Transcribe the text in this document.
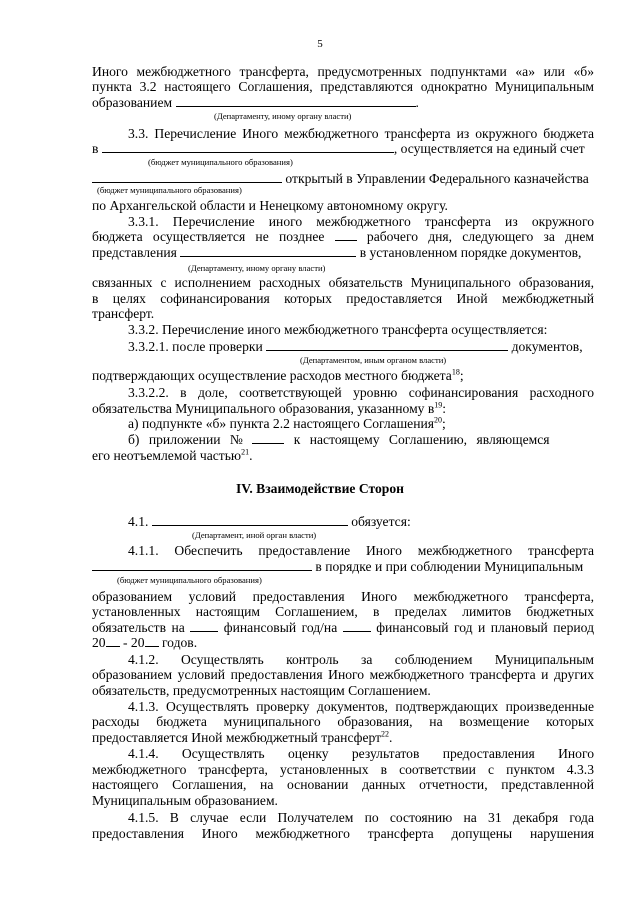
5

Иного межбюджетного трансферта, предусмотренных подпунктами «а» или «б»

пункта 3.2 настоящего Соглашения, представляются однократно Муниципальным

образованием	.

(Департаменту, иному органу власти)

3.3. Перечисление Иного межбюджетного трансферта из окружного бюджета

в	, осуществляется на единый счет

(бюджет муниципального образования)

открытый в Управлении Федерального казначейства

(бюджет муниципального образования)

по Архангельской области и Ненецкому автономному округу.

3.3.1. Перечисление иного межбюджетного трансферта из окружного

бюджета осуществляется не позднее	рабочего дня, следующего за днем

представления	в установленном порядке документов,

(Департаменту, иному органу власти)

связанных с исполнением расходных обязательств Муниципального образования,

в целях софинансирования которых предоставляется Иной межбюджетный

трансферт.

3.3.2. Перечисление иного межбюджетного трансферта осуществляется:

3.3.2.1. после проверки	документов,

(Департаментом, иным органом власти)

подтверждающих осуществление расходов местного бюджета$^{18}$;

3.3.2.2. в доле, соответствующей уровню софинансирования расходного

обязательства Муниципального образования, указанному $в^{19}$:

а) подпункте «б» пункта 2.2 настоящего Соглашения$^{20}$;

б) приложении №	к настоящему Соглашению, являющемся

его неотъемлемой частью$^{21}$.

IV. Взаимодействие Сторон

4.1.	обязуется:

(Департамент, иной орган власти)

4.1.1. Обеспечить предоставление Иного межбюджетного трансферта

в порядке и при соблюдении Муниципальным

(бюджет муниципального образования)

образованием условий предоставления Иного межбюджетного трансферта,

установленных настоящим Соглашением, в пределах лимитов бюджетных

обязательств на	финансовый год/на	финансовый год и плановый период

20 - 20 годов.

4.1.2. Осуществлять контроль за соблюдением Муниципальным

образованием условий предоставления Иного межбюджетного трансферта и других

обязательств, предусмотренных настоящим Соглашением.

4.1.3. Осуществлять проверку документов, подтверждающих произведенные

расходы бюджета муниципального образования, на возмещение которых

предоставляется Иной межбюджетный трансферт$^{22}$.

4.1.4. Осуществлять оценку результатов предоставления Иного

межбюджетного трансферта, установленных в соответствии с пунктом 4.3.3

настоящего Соглашения, на основании данных отчетности, представленной

Муниципальным образованием.

4.1.5. В случае если Получателем по состоянию на 31 декабря года

предоставления Иного межбюджетного трансферта допущены нарушения
